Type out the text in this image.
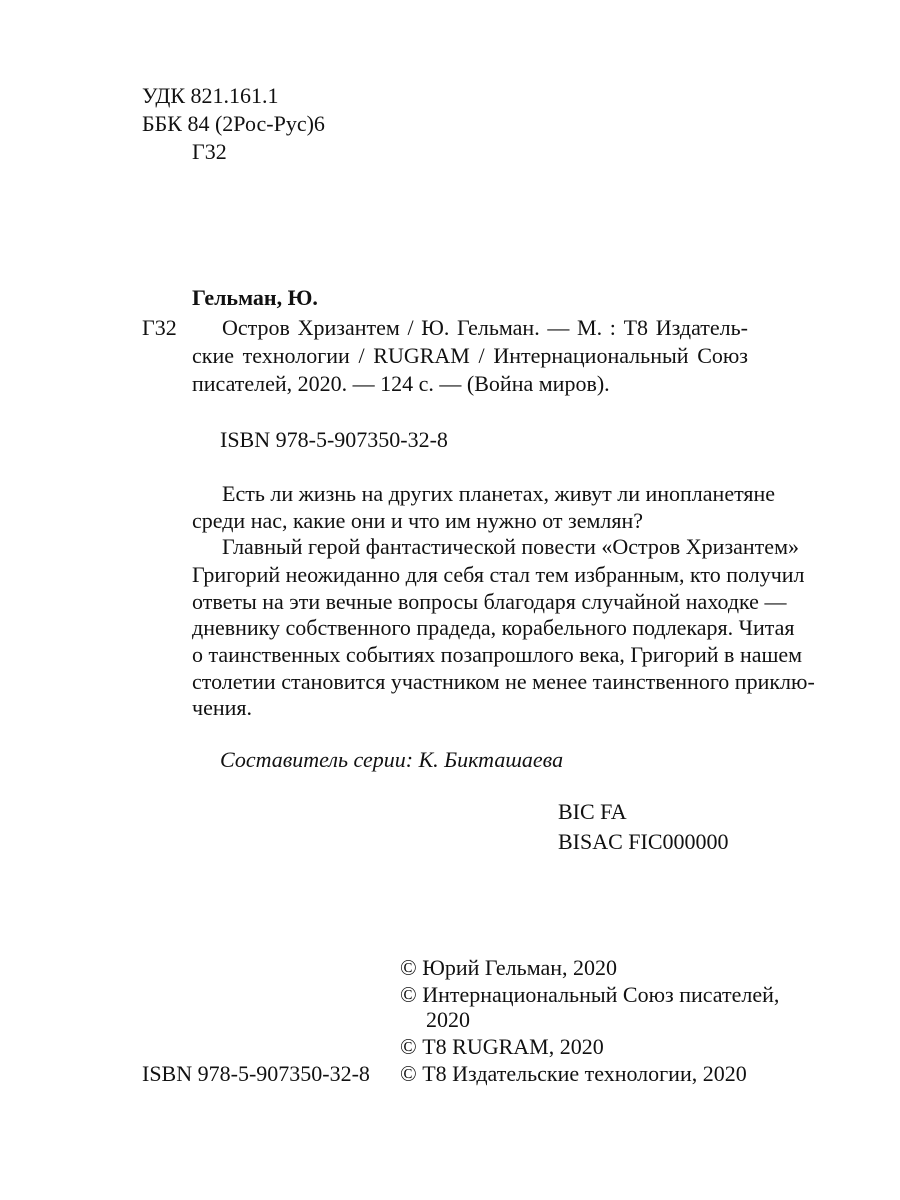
УДК 821.161.1
ББК 84 (2Рос-Рус)6
Г32
Гельман, Ю.
Г32	Остров Хризантем / Ю. Гельман. — М. : Т8 Издатель-
ские технологии / RUGRAM / Интернациональный Союз
писателей, 2020. — 124 с. — (Война миров).
ISBN 978-5-907350-32-8
Есть ли жизнь на других планетах, живут ли инопланетяне
среди нас, какие они и что им нужно от землян?
Главный герой фантастической повести «Остров Хризантем»
Григорий неожиданно для себя стал тем избранным, кто получил
ответы на эти вечные вопросы благодаря случайной находке —
дневнику собственного прадеда, корабельного подлекаря. Читая
о таинственных событиях позапрошлого века, Григорий в нашем
столетии становится участником не менее таинственного приклю-
чения.
Составитель серии: К. Бикташаева
BIC FA
BISAC FIC000000
© Юрий Гельман, 2020
© Интернациональный Союз писателей,
2020
© Т8 RUGRAM, 2020
© Т8 Издательские технологии, 2020
ISBN 978-5-907350-32-8
